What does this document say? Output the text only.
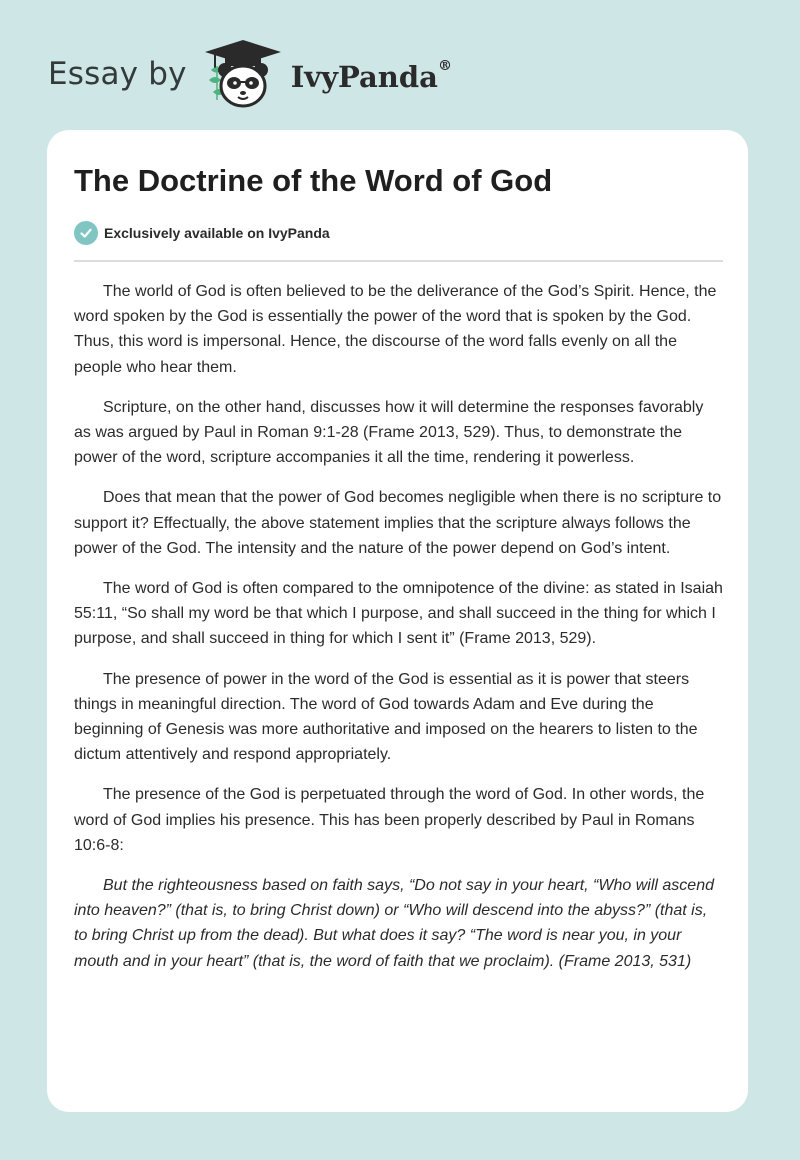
Essay by	IvyPanda®
The Doctrine of the Word of God
Exclusively available on IvyPanda

The world of God is often believed to be the deliverance of the God’s Spirit. Hence, the word spoken by the God is essentially the power of the word that is spoken by the God. Thus, this word is impersonal. Hence, the discourse of the word falls evenly on all the people who hear them.

Scripture, on the other hand, discusses how it will determine the responses favorably as was argued by Paul in Roman 9:1-28 (Frame 2013, 529). Thus, to demonstrate the power of the word, scripture accompanies it all the time, rendering it powerless.

Does that mean that the power of God becomes negligible when there is no scripture to support it? Effectually, the above statement implies that the scripture always follows the power of the God. The intensity and the nature of the power depend on God’s intent.

The word of God is often compared to the omnipotence of the divine: as stated in Isaiah 55:11, “So shall my word be that which I purpose, and shall succeed in the thing for which I purpose, and shall succeed in thing for which I sent it” (Frame 2013, 529).

The presence of power in the word of the God is essential as it is power that steers things in meaningful direction. The word of God towards Adam and Eve during the beginning of Genesis was more authoritative and imposed on the hearers to listen to the dictum attentively and respond appropriately.

The presence of the God is perpetuated through the word of God. In other words, the word of God implies his presence. This has been properly described by Paul in Romans 10:6-8:

But the righteousness based on faith says, “Do not say in your heart, “Who will ascend into heaven?” (that is, to bring Christ down) or “Who will descend into the abyss?” (that is, to bring Christ up from the dead). But what does it say? “The word is near you, in your mouth and in your heart” (that is, the word of faith that we proclaim). (Frame 2013, 531)
